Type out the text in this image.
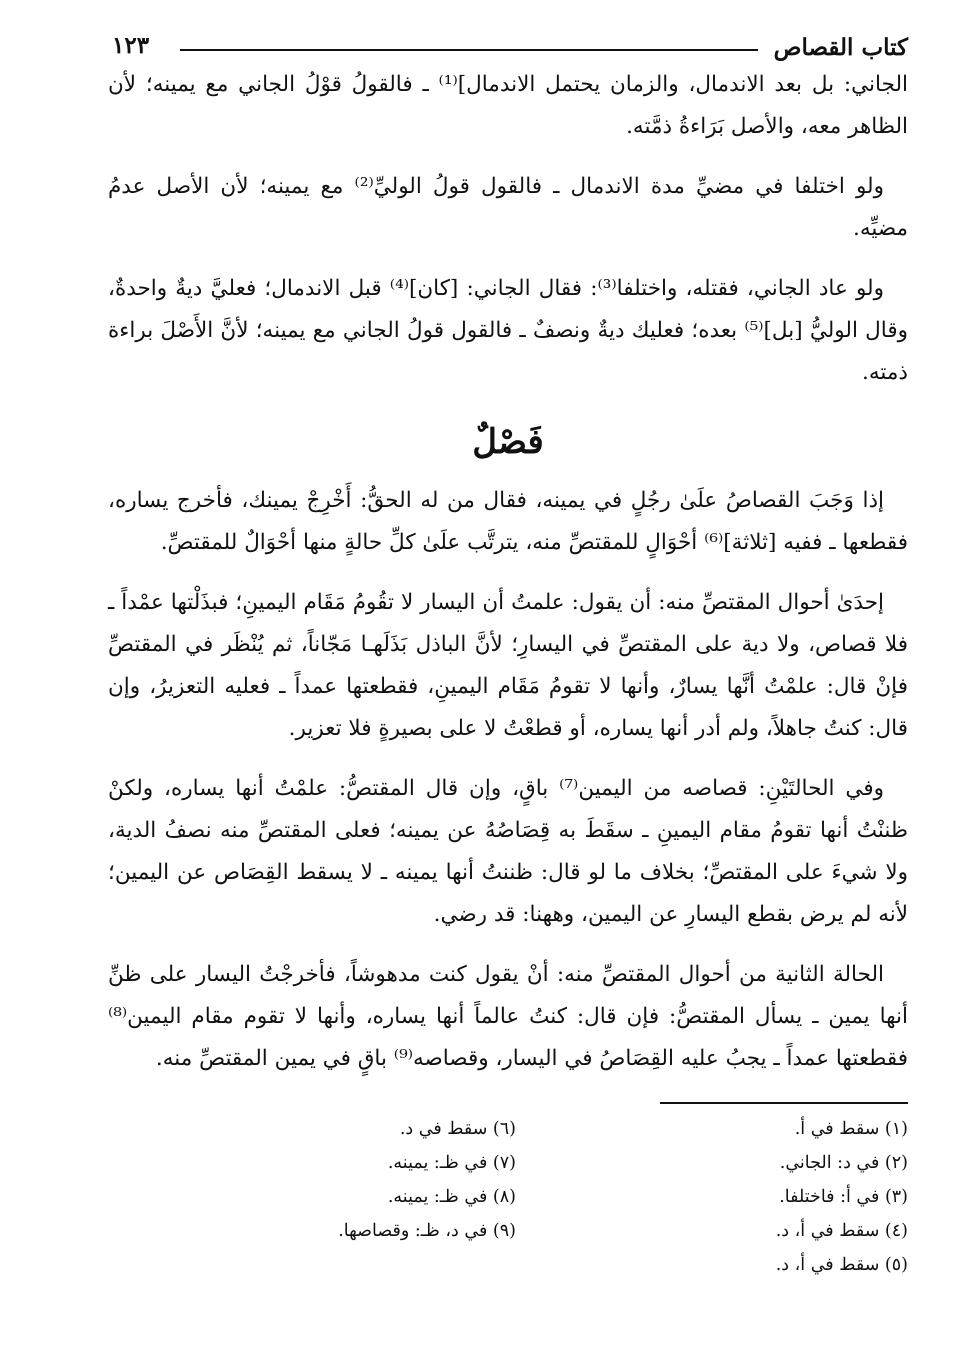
كتاب القصاص
١٢٣

الجاني: بل بعد الاندمال، والزمان يحتمل الاندمال]⁽¹⁾ ـ فالقولُ قوْلُ الجاني مع يمينه؛ لأن الظاهر معه، والأصل بَرَاءةُ ذمَّته.

ولو اختلفا في مضيِّ مدة الاندمال ـ فالقول قولُ الوليِّ⁽²⁾ مع يمينه؛ لأن الأصل عدمُ مضيِّه.

ولو عاد الجاني، فقتله، واختلفا⁽³⁾: فقال الجاني: [كان]⁽⁴⁾ قبل الاندمال؛ فعليَّ ديةٌ واحدةٌ، وقال الوليُّ [بل]⁽⁵⁾ بعده؛ فعليك ديةٌ ونصفٌ ـ فالقول قولُ الجاني مع يمينه؛ لأنَّ الأَصْلَ براءة ذمته.

فَصْلٌ

إذا وَجَبَ القصاصُ علَىٰ رجُلٍ في يمينه، فقال من له الحقُّ: أَخْرِجْ يمينك، فأخرج يساره، فقطعها ـ ففيه [ثلاثة]⁽⁶⁾ أحْوَالٍ للمقتصِّ منه، يترتَّب علَىٰ كلِّ حالةٍ منها أحْوَالٌ للمقتصِّ.

إحدَىٰ أحوال المقتصِّ منه: أن يقول: علمتُ أن اليسار لا تقُومُ مَقَام اليمينِ؛ فبذَلْتها عمْداً ـ فلا قصاص، ولا دية على المقتصِّ في اليسارِ؛ لأنَّ الباذل بَذَلَهـا مَجّاناً، ثم يُنْظَر في المقتصِّ فإنْ قال: علمْتُ أنَّها يسارٌ، وأنها لا تقومُ مَقَام اليمينِ، فقطعتها عمداً ـ فعليه التعزيرُ، وإن قال: كنتُ جاهلاً، ولم أدر أنها يساره، أو قطعْتُ لا على بصيرةٍ فلا تعزير.

وفي الحالتَيْنِ: قصاصه من اليمين⁽⁷⁾ باقٍ، وإن قال المقتصُّ: علمْتُ أنها يساره، ولكنْ ظننْتُ أنها تقومُ مقام اليمينِ ـ سقَطَ به قِصَاصُهُ عن يمينه؛ فعلى المقتصِّ منه نصفُ الدية، ولا شيءَ على المقتصِّ؛ بخلاف ما لو قال: ظننتُ أنها يمينه ـ لا يسقط القِصَاص عن اليمين؛ لأنه لم يرض بقطع اليسارِ عن اليمين، وههنا: قد رضي.

الحالة الثانية من أحوال المقتصِّ منه: أنْ يقول كنت مدهوشاً، فأخرجْتُ اليسار على ظنِّ أنها يمين ـ يسأل المقتصُّ: فإن قال: كنتُ عالماً أنها يساره، وأنها لا تقوم مقام اليمين⁽⁸⁾ فقطعتها عمداً ـ يجبُ عليه القِصَاصُ في اليسار، وقصاصه⁽⁹⁾ باقٍ في يمين المقتصِّ منه.

(١) سقط في أ.
(٢) في د: الجاني.
(٣) في أ: فاختلفا.
(٤) سقط في أ، د.
(٥) سقط في أ، د.
(٦) سقط في د.
(٧) في ظـ: يمينه.
(٨) في ظـ: يمينه.
(٩) في د، ظـ: وقصاصها.
